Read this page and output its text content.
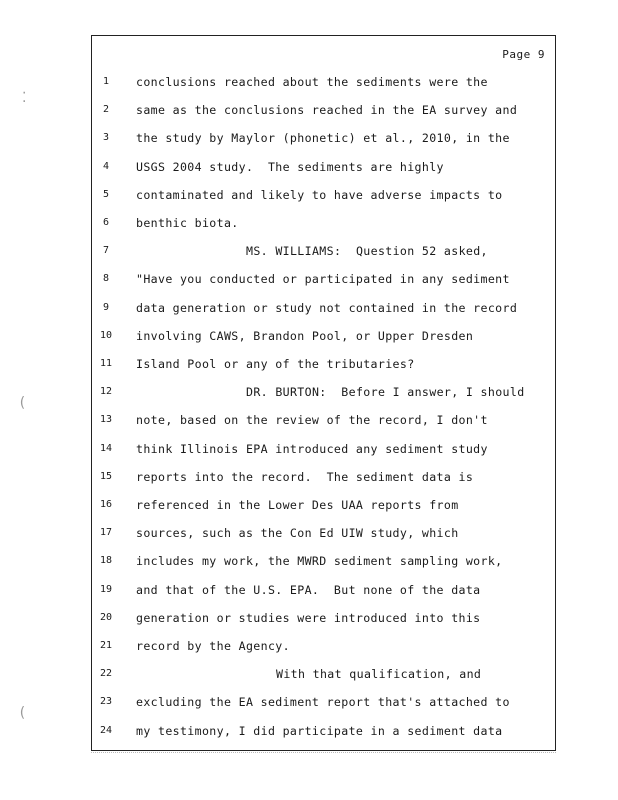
Page 9
1	conclusions reached about the sediments were the
2	same as the conclusions reached in the EA survey and
3	the study by Maylor (phonetic) et al., 2010, in the
4	USGS 2004 study.  The sediments are highly
5	contaminated and likely to have adverse impacts to
6	benthic biota.
7	MS. WILLIAMS:  Question 52 asked,
8	"Have you conducted or participated in any sediment
9	data generation or study not contained in the record
10	involving CAWS, Brandon Pool, or Upper Dresden
11	Island Pool or any of the tributaries?
12	DR. BURTON:  Before I answer, I should
13	note, based on the review of the record, I don't
14	think Illinois EPA introduced any sediment study
15	reports into the record.  The sediment data is
16	referenced in the Lower Des UAA reports from
17	sources, such as the Con Ed UIW study, which
18	includes my work, the MWRD sediment sampling work,
19	and that of the U.S. EPA.  But none of the data
20	generation or studies were introduced into this
21	record by the Agency.
22	With that qualification, and
23	excluding the EA sediment report that's attached to
24	my testimony, I did participate in a sediment data
⁚
(
(
